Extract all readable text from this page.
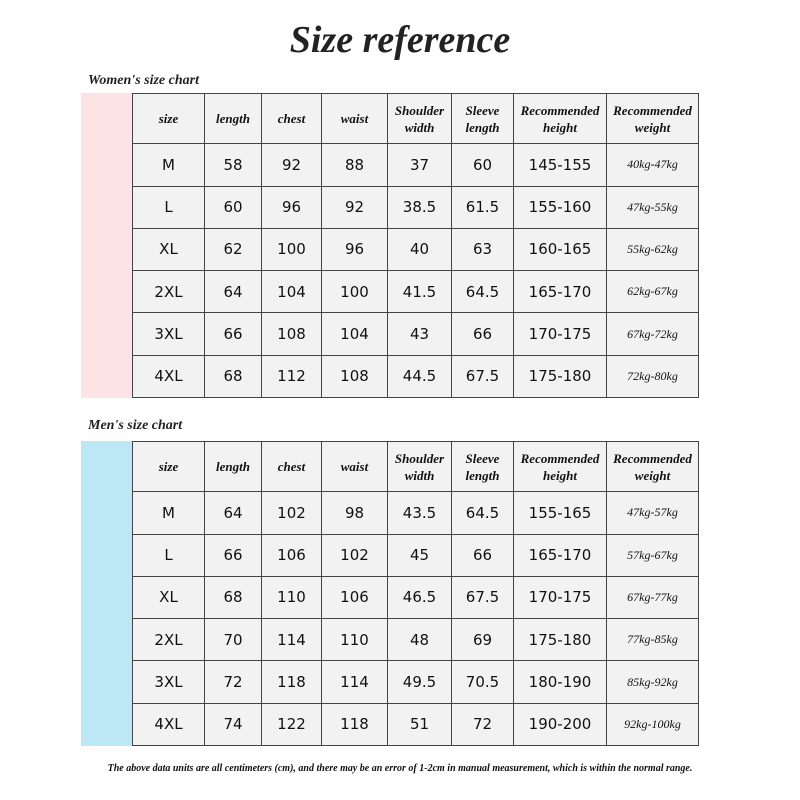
Size reference
Women's size chart
size	length	chest	waist	Shoulder width	Sleeve length	Recommended height	Recommended weight
M	58	92	88	37	60	145-155	40kg-47kg
L	60	96	92	38.5	61.5	155-160	47kg-55kg
XL	62	100	96	40	63	160-165	55kg-62kg
2XL	64	104	100	41.5	64.5	165-170	62kg-67kg
3XL	66	108	104	43	66	170-175	67kg-72kg
4XL	68	112	108	44.5	67.5	175-180	72kg-80kg
Men's size chart
size	length	chest	waist	Shoulder width	Sleeve length	Recommended height	Recommended weight
M	64	102	98	43.5	64.5	155-165	47kg-57kg
L	66	106	102	45	66	165-170	57kg-67kg
XL	68	110	106	46.5	67.5	170-175	67kg-77kg
2XL	70	114	110	48	69	175-180	77kg-85kg
3XL	72	118	114	49.5	70.5	180-190	85kg-92kg
4XL	74	122	118	51	72	190-200	92kg-100kg
The above data units are all centimeters (cm), and there may be an error of 1-2cm in manual measurement, which is within the normal range.
